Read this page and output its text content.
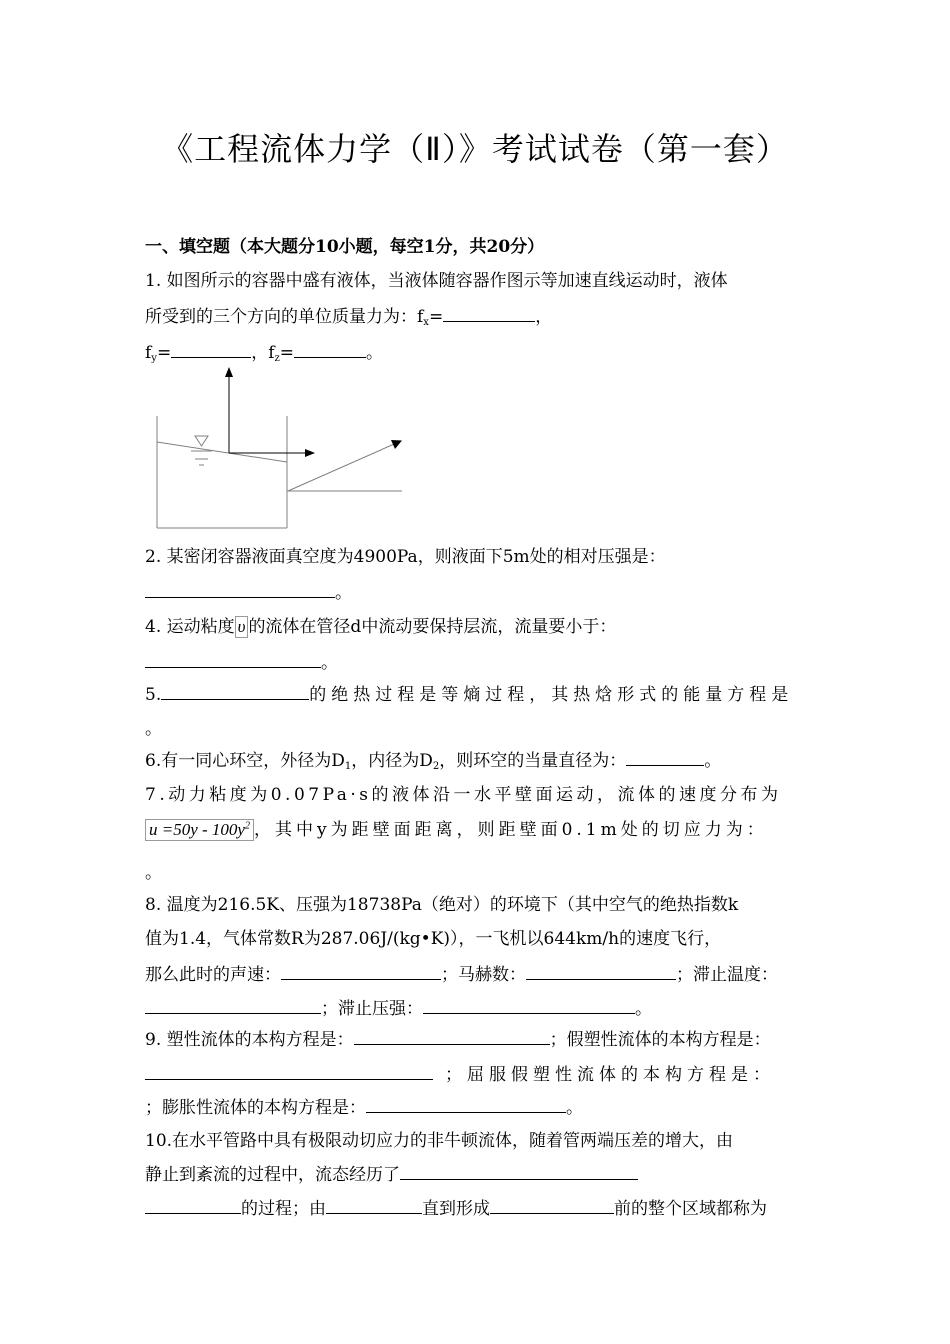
《工程流体力学（Ⅱ）》考试试卷（第一套）
一、填空题（本大题分10小题，每空1分，共20分）
1. 如图所示的容器中盛有液体，当液体随容器作图示等加速直线运动时，液体
所受到的三个方向的单位质量力为：$f_x=$	，
$f_y=$	，$f_z=$	。
2. 某密闭容器液面真空度为4900Pa，则液面下5m处的相对压强是：
。
4. 运动粘度 υ 的流体在管径d中流动要保持层流，流量要小于：
。
5.	的绝热过程是等熵过程，其热焓形式的能量方程是
。
6.有一同心环空，外径为$D_1$，内径为$D_2$，则环空的当量直径为：	。
7.动力粘度为0.07Pa·s的液体沿一水平壁面运动，流体的速度分布为
$u =50y - 100y^2$ ，其中y为距壁面距离，则距壁面0.1m处的切应力为：
。
8. 温度为216.5K、压强为18738Pa（绝对）的环境下（其中空气的绝热指数k
值为1.4，气体常数R为287.06J/(kg•K)），一飞机以644km/h的速度飞行，
那么此时的声速：	；马赫数：	；滞止温度：
；滞止压强：	。
9. 塑性流体的本构方程是：	；假塑性流体的本构方程是：
；屈服假塑性流体的本构方程是：
；膨胀性流体的本构方程是：	。
10.在水平管路中具有极限动切应力的非牛顿流体，随着管两端压差的增大，由
静止到紊流的过程中，流态经历了
的过程；由	直到形成	前的整个区域都称为
